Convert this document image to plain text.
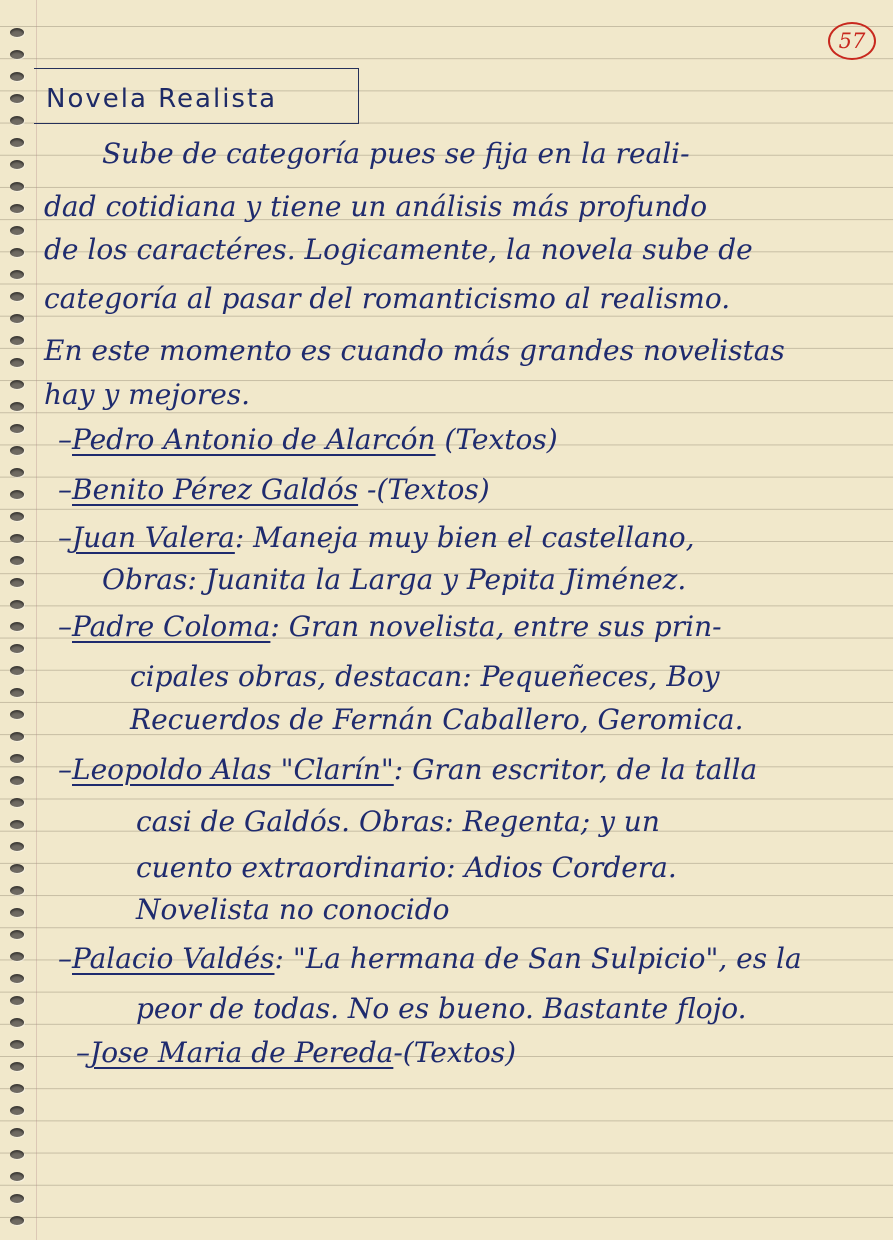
57
Novela Realista
Sube de categoría pues se fija en la reali-
dad cotidiana y tiene un análisis más profundo
de los caractéres. Logicamente, la novela sube de
categoría al pasar del romanticismo al realismo.
En este momento es cuando más grandes novelistas
hay y mejores.
–Pedro Antonio de Alarcón (Textos)
–Benito Pérez Galdós -(Textos)
–Juan Valera: Maneja muy bien el castellano,
Obras: Juanita la Larga y Pepita Jiménez.
–Padre Coloma: Gran novelista, entre sus prin-
cipales obras, destacan: Pequeñeces, Boy
Recuerdos de Fernán Caballero, Geromica.
–Leopoldo Alas "Clarín": Gran escritor, de la talla
casi de Galdós. Obras: Regenta; y un
cuento extraordinario: Adios Cordera.
Novelista no conocido
–Palacio Valdés: "La hermana de San Sulpicio", es la
peor de todas. No es bueno. Bastante flojo.
–Jose Maria de Pereda-(Textos)
